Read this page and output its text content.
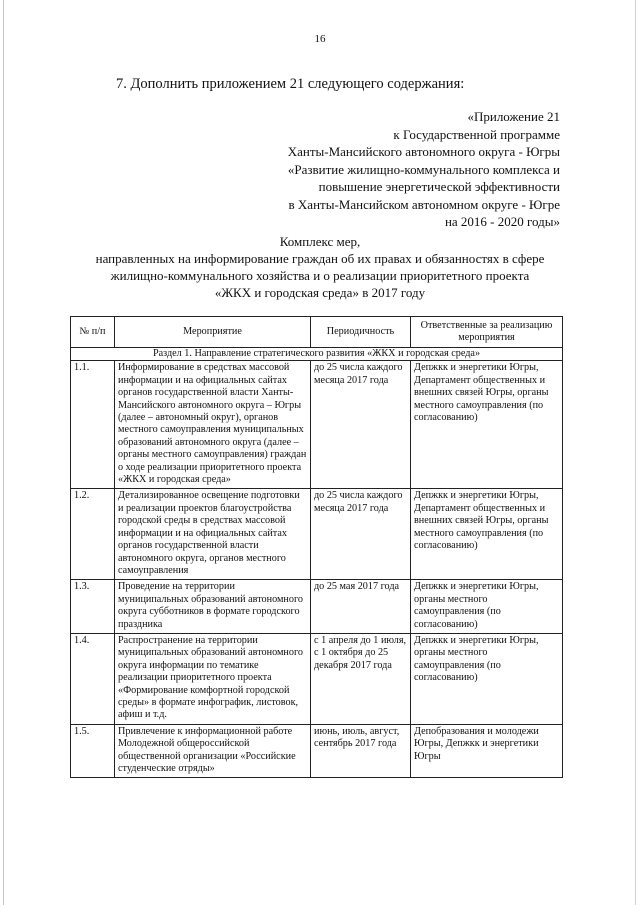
16
7. Дополнить приложением 21 следующего содержания:
«Приложение 21
к Государственной программе
Ханты-Мансийского автономного округа - Югры
«Развитие жилищно-коммунального комплекса и
повышение энергетической эффективности
в Ханты-Мансийском автономном округе - Югре
на 2016 - 2020 годы»
Комплекс мер,
направленных на информирование граждан об их правах и обязанностях в сфере
жилищно-коммунального хозяйства и о реализации приоритетного проекта
«ЖКХ и городская среда» в 2017 году
№ п/п	Мероприятие	Периодичность	Ответственные за реализацию мероприятия
Раздел 1. Направление стратегического развития «ЖКХ и городская среда»			
1.1.	Информирование в средствах массовой информации и на официальных сайтах органов государственной власти Ханты-Мансийского автономного округа – Югры (далее – автономный округ), органов местного самоуправления муниципальных образований автономного округа (далее – органы местного самоуправления) граждан о ходе реализации приоритетного проекта «ЖКХ и городская среда»	до 25 числа каждого месяца 2017 года	Депжкк и энергетики Югры, Департамент общественных и внешних связей Югры, органы местного самоуправления (по согласованию)
1.2.	Детализированное освещение подготовки и реализации проектов благоустройства городской среды в средствах массовой информации и на официальных сайтах органов государственной власти автономного округа, органов местного самоуправления	до 25 числа каждого месяца 2017 года	Депжкк и энергетики Югры, Департамент общественных и внешних связей Югры, органы местного самоуправления (по согласованию)
1.3.	Проведение на территории муниципальных образований автономного округа субботников в формате городского праздника	до 25 мая 2017 года	Депжкк и энергетики Югры, органы местного самоуправления (по согласованию)
1.4.	Распространение на территории муниципальных образований автономного округа информации по тематике реализации приоритетного проекта «Формирование комфортной городской среды» в формате инфографик, листовок, афиш и т.д.	с 1 апреля до 1 июля, с 1 октября до 25 декабря 2017 года	Депжкк и энергетики Югры, органы местного самоуправления (по согласованию)
1.5.	Привлечение к информационной работе Молодежной общероссийской общественной организации «Российские студенческие отряды»	июнь, июль, август, сентябрь 2017 года	Депобразования и молодежи Югры, Депжкк и энергетики Югры
